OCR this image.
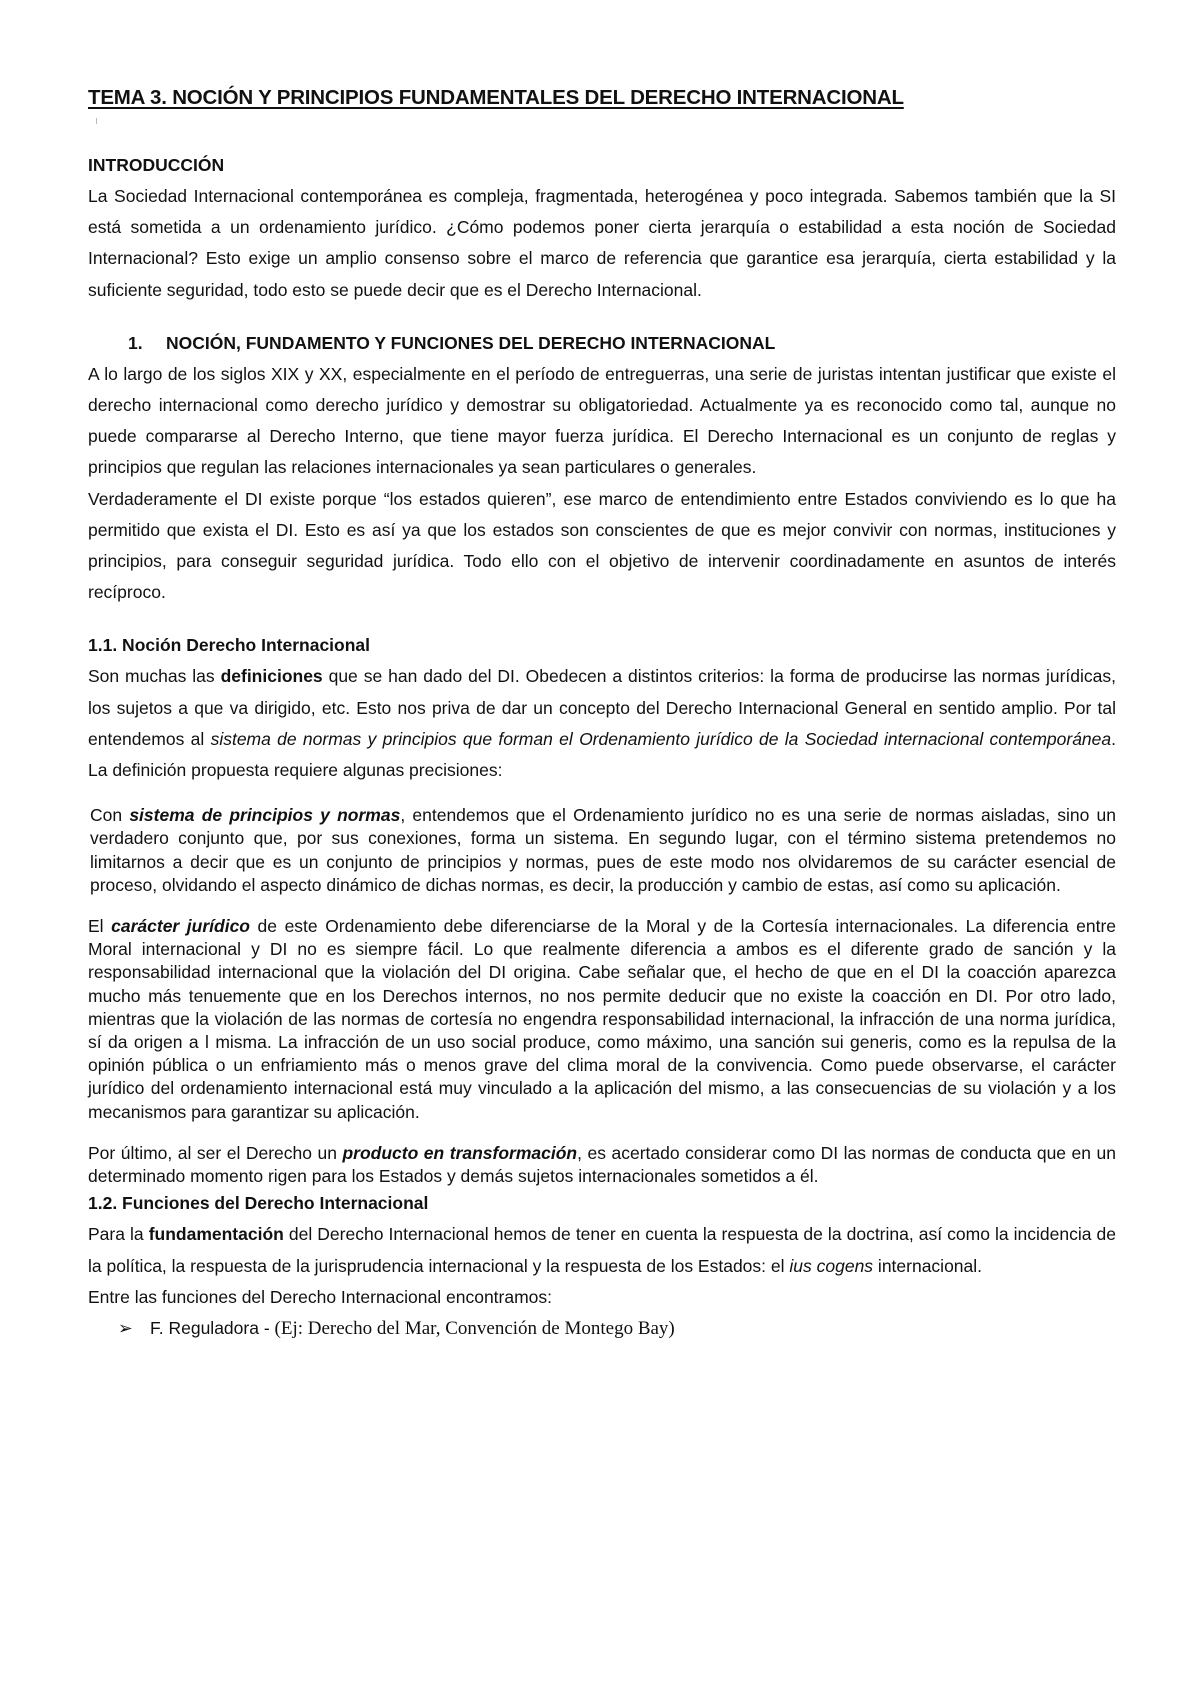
TEMA 3. NOCIÓN Y PRINCIPIOS FUNDAMENTALES DEL DERECHO INTERNACIONAL
INTRODUCCIÓN

La Sociedad Internacional contemporánea es compleja, fragmentada, heterogénea y poco integrada. Sabemos también que la SI está sometida a un ordenamiento jurídico. ¿Cómo podemos poner cierta jerarquía o estabilidad a esta noción de Sociedad Internacional? Esto exige un amplio consenso sobre el marco de referencia que garantice esa jerarquía, cierta estabilidad y la suficiente seguridad, todo esto se puede decir que es el Derecho Internacional.

1. NOCIÓN, FUNDAMENTO Y FUNCIONES DEL DERECHO INTERNACIONAL

A lo largo de los siglos XIX y XX, especialmente en el período de entreguerras, una serie de juristas intentan justificar que existe el derecho internacional como derecho jurídico y demostrar su obligatoriedad. Actualmente ya es reconocido como tal, aunque no puede compararse al Derecho Interno, que tiene mayor fuerza jurídica. El Derecho Internacional es un conjunto de reglas y principios que regulan las relaciones internacionales ya sean particulares o generales.

Verdaderamente el DI existe porque “los estados quieren”, ese marco de entendimiento entre Estados conviviendo es lo que ha permitido que exista el DI. Esto es así ya que los estados son conscientes de que es mejor convivir con normas, instituciones y principios, para conseguir seguridad jurídica. Todo ello con el objetivo de intervenir coordinadamente en asuntos de interés recíproco.

1.1. Noción Derecho Internacional

Son muchas las definiciones que se han dado del DI. Obedecen a distintos criterios: la forma de producirse las normas jurídicas, los sujetos a que va dirigido, etc. Esto nos priva de dar un concepto del Derecho Internacional General en sentido amplio. Por tal entendemos al sistema de normas y principios que forman el Ordenamiento jurídico de la Sociedad internacional contemporánea. La definición propuesta requiere algunas precisiones:

Con sistema de principios y normas, entendemos que el Ordenamiento jurídico no es una serie de normas aisladas, sino un verdadero conjunto que, por sus conexiones, forma un sistema. En segundo lugar, con el término sistema pretendemos no limitarnos a decir que es un conjunto de principios y normas, pues de este modo nos olvidaremos de su carácter esencial de proceso, olvidando el aspecto dinámico de dichas normas, es decir, la producción y cambio de estas, así como su aplicación.

El carácter jurídico de este Ordenamiento debe diferenciarse de la Moral y de la Cortesía internacionales. La diferencia entre Moral internacional y DI no es siempre fácil. Lo que realmente diferencia a ambos es el diferente grado de sanción y la responsabilidad internacional que la violación del DI origina. Cabe señalar que, el hecho de que en el DI la coacción aparezca mucho más tenuemente que en los Derechos internos, no nos permite deducir que no existe la coacción en DI. Por otro lado, mientras que la violación de las normas de cortesía no engendra responsabilidad internacional, la infracción de una norma jurídica, sí da origen a l misma. La infracción de un uso social produce, como máximo, una sanción sui generis, como es la repulsa de la opinión pública o un enfriamiento más o menos grave del clima moral de la convivencia. Como puede observarse, el carácter jurídico del ordenamiento internacional está muy vinculado a la aplicación del mismo, a las consecuencias de su violación y a los mecanismos para garantizar su aplicación.

Por último, al ser el Derecho un producto en transformación, es acertado considerar como DI las normas de conducta que en un determinado momento rigen para los Estados y demás sujetos internacionales sometidos a él.

1.2. Funciones del Derecho Internacional

Para la fundamentación del Derecho Internacional hemos de tener en cuenta la respuesta de la doctrina, así como la incidencia de la política, la respuesta de la jurisprudencia internacional y la respuesta de los Estados: el ius cogens internacional.

Entre las funciones del Derecho Internacional encontramos:

➢ F. Reguladora - (Ej: Derecho del Mar, Convención de Montego Bay)
